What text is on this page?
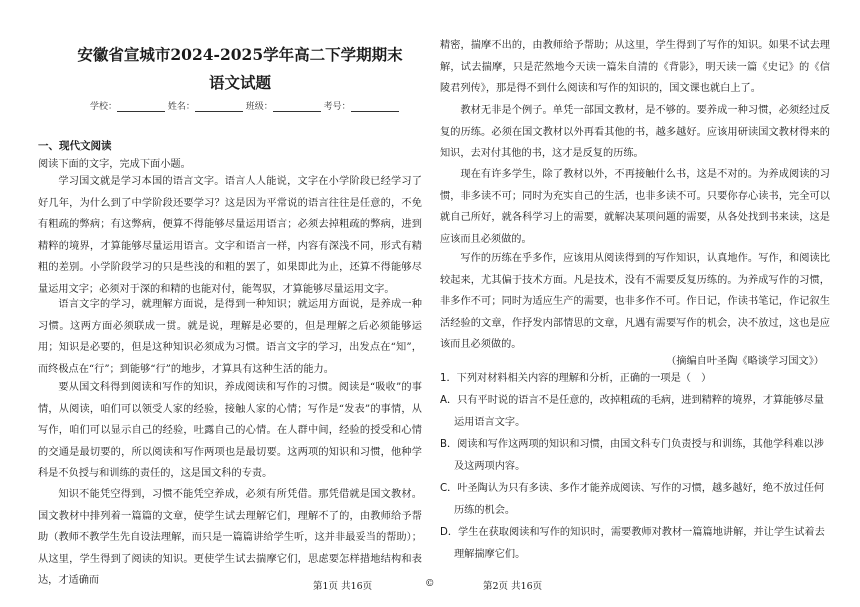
安徽省宣城市2024-2025学年高二下学期期末
语文试题
学校：	姓名：	班级：	考号：
一、现代文阅读

阅读下面的文字，完成下面小题。

学习国文就是学习本国的语言文字。语言人人能说，文字在小学阶段已经学习了好几年，为什么到了中学阶段还要学习？这是因为平常说的语言往往是任意的，不免有粗疏的弊病；有这弊病，便算不得能够尽量运用语言；必须去掉粗疏的弊病，进到精粹的境界，才算能够尽量运用语言。文字和语言一样，内容有深浅不同，形式有精粗的差别。小学阶段学习的只是些浅的和粗的罢了，如果即此为止，还算不得能够尽量运用文字；必须对于深的和精的也能对付，能驾驭，才算能够尽量运用文字。

语言文字的学习，就理解方面说，是得到一种知识；就运用方面说，是养成一种习惯。这两方面必须联成一贯。就是说，理解是必要的，但是理解之后必须能够运用；知识是必要的，但是这种知识必须成为习惯。语言文字的学习，出发点在“知”，而终极点在“行”；到能够“行”的地步，才算具有这种生活的能力。

要从国文科得到阅读和写作的知识，养成阅读和写作的习惯。阅读是“吸收”的事情，从阅读，咱们可以领受人家的经验，接触人家的心情；写作是“发表”的事情，从写作，咱们可以显示自己的经验，吐露自己的心情。在人群中间，经验的授受和心情的交通是最切要的，所以阅读和写作两项也是最切要。这两项的知识和习惯，他种学科是不负授与和训练的责任的，这是国文科的专责。

知识不能凭空得到，习惯不能凭空养成，必须有所凭借。那凭借就是国文教材。国文教材中排列着一篇篇的文章，使学生试去理解它们，理解不了的，由教师给予帮助（教师不教学生先自设法理解，而只是一篇篇讲给学生听，这并非最妥当的帮助）；从这里，学生得到了阅读的知识。更使学生试去揣摩它们，思虑要怎样措地结构和表达，才适确而

精密，揣摩不出的，由教师给予帮助；从这里，学生得到了写作的知识。如果不试去理解，试去揣摩，只是茫然地今天读一篇朱自清的《背影》，明天读一篇《史记》的《信陵君列传》，那是得不到什么阅读和写作的知识的，国文课也就白上了。

教材无非是个例子。单凭一部国文教材，是不够的。要养成一种习惯，必须经过反复的历练。必须在国文教材以外再看其他的书，越多越好。应该用研读国文教材得来的知识，去对付其他的书，这才是反复的历练。

现在有许多学生，除了教材以外，不再接触什么书，这是不对的。为养成阅读的习惯，非多读不可；同时为充实自己的生活，也非多读不可。只要你存心读书，完全可以就自己所好，就各科学习上的需要，就解决某项问题的需要，从各处找到书来读，这是应该而且必须做的。

写作的历练在乎多作，应该用从阅读得到的写作知识，认真地作。写作，和阅读比较起来，尤其偏于技术方面。凡是技术，没有不需要反复历练的。为养成写作的习惯，非多作不可；同时为适应生产的需要，也非多作不可。作日记，作读书笔记，作记叙生活经验的文章，作抒发内部情思的文章，凡遇有需要写作的机会，决不放过，这也是应该而且必须做的。

（摘编自叶圣陶《略谈学习国文》）

1．下列对材料相关内容的理解和分析，正确的一项是（　）

A．只有平时说的语言不是任意的，改掉粗疏的毛病，进到精粹的境界，才算能够尽量运用语言文字。

B．阅读和写作这两项的知识和习惯，由国文科专门负责授与和训练，其他学科难以涉及这两项内容。

C．叶圣陶认为只有多读、多作才能养成阅读、写作的习惯，越多越好，绝不放过任何历练的机会。

D．学生在获取阅读和写作的知识时，需要教师对教材一篇篇地讲解，并让学生试着去理解揣摩它们。

第1页 共16页	©	第2页 共16页
